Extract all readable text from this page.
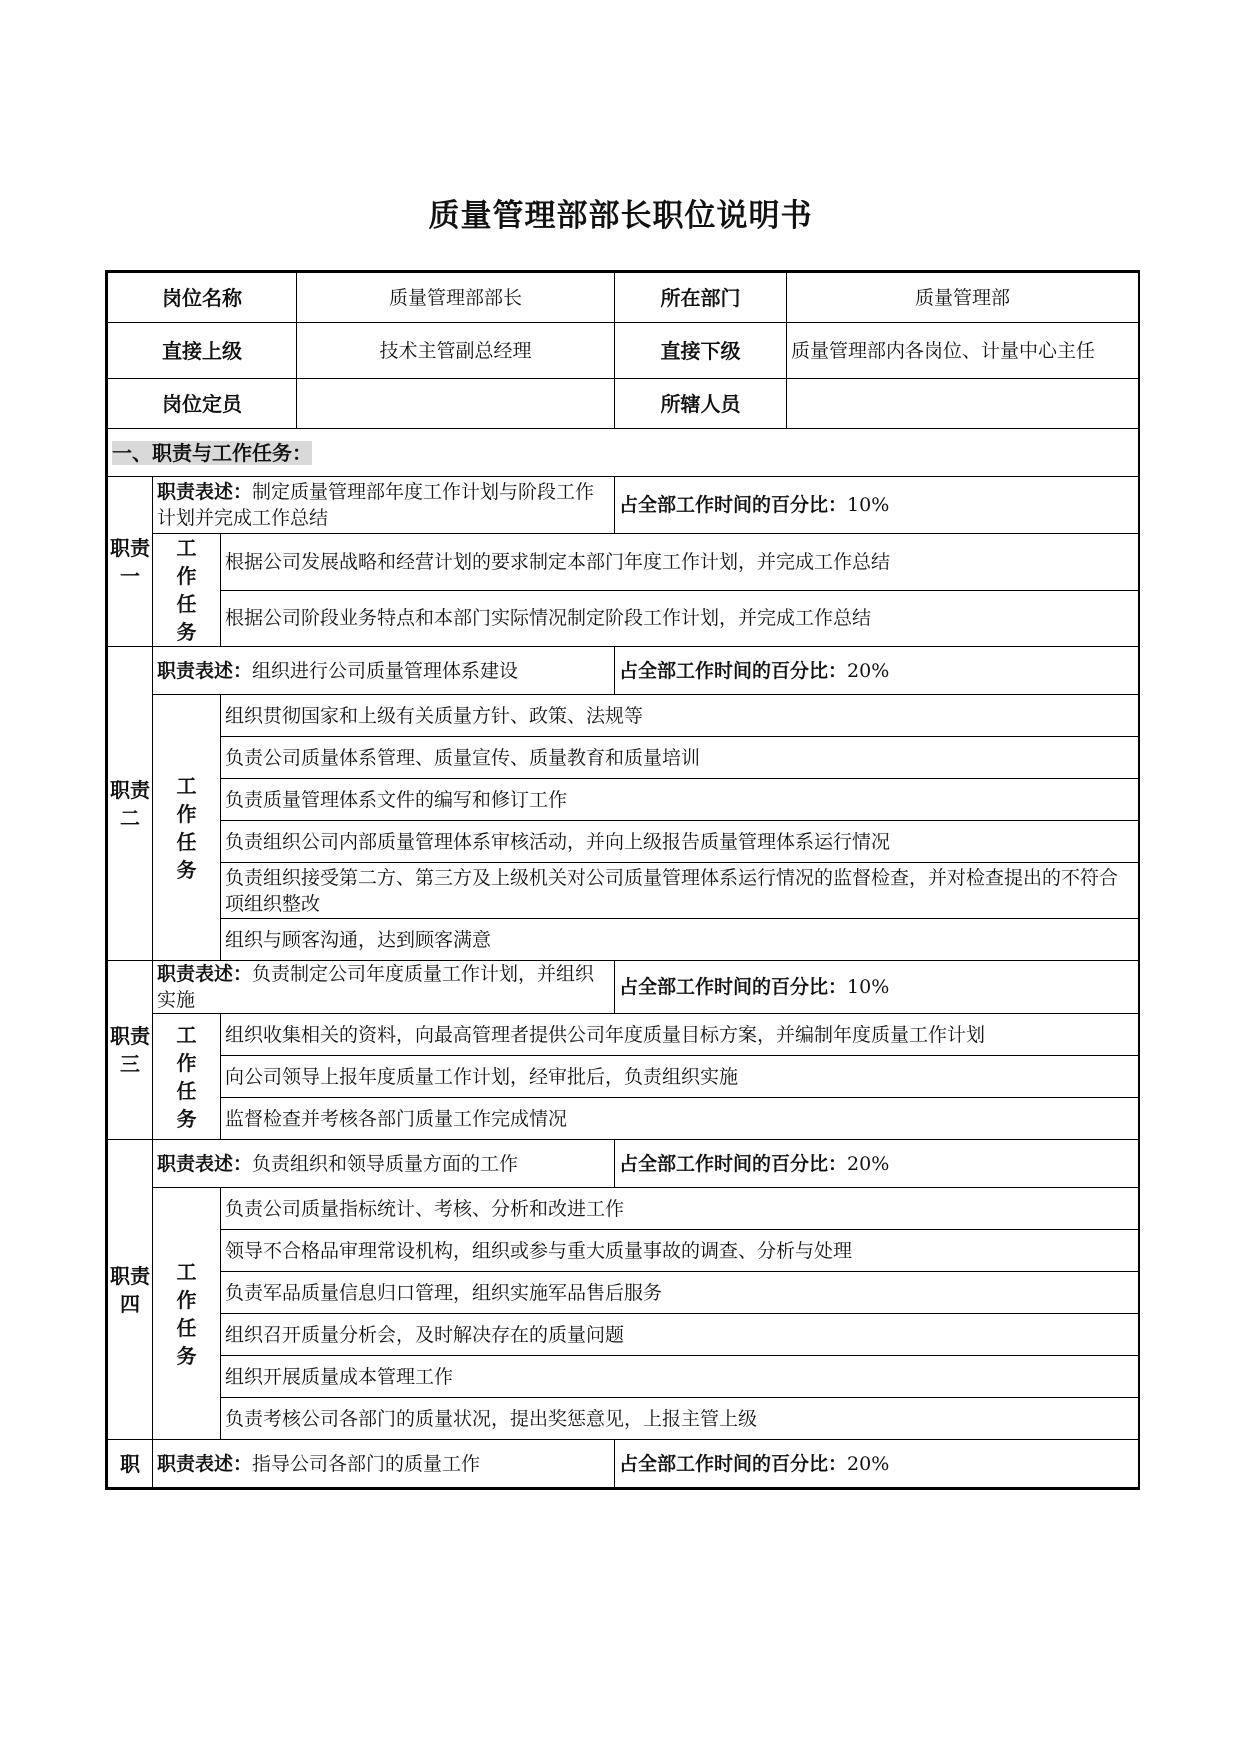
质量管理部部长职位说明书
岗位名称			质量管理部部长	所在部门	质量管理部
直接上级			技术主管副总经理	直接下级	质量管理部内各岗位、计量中心主任
岗位定员				所辖人员	
一、职责与工作任务：					
职责一	职责表述：制定质量管理部年度工作计划与阶段工作计划并完成工作总结			占全部工作时间的百分比：10%	
	工作任务	根据公司发展战略和经营计划的要求制定本部门年度工作计划，并完成工作总结			
		根据公司阶段业务特点和本部门实际情况制定阶段工作计划，并完成工作总结			
职责二	职责表述：组织进行公司质量管理体系建设			占全部工作时间的百分比：20%	
	工作任务	组织贯彻国家和上级有关质量方针、政策、法规等			
		负责公司质量体系管理、质量宣传、质量教育和质量培训			
		负责质量管理体系文件的编写和修订工作			
		负责组织公司内部质量管理体系审核活动，并向上级报告质量管理体系运行情况			
		负责组织接受第二方、第三方及上级机关对公司质量管理体系运行情况的监督检查，并对检查提出的不符合项组织整改			
		组织与顾客沟通，达到顾客满意			
职责三	职责表述：负责制定公司年度质量工作计划，并组织实施			占全部工作时间的百分比：10%	
	工作任务	组织收集相关的资料，向最高管理者提供公司年度质量目标方案，并编制年度质量工作计划			
		向公司领导上报年度质量工作计划，经审批后，负责组织实施			
		监督检查并考核各部门质量工作完成情况			
职责四	职责表述：负责组织和领导质量方面的工作			占全部工作时间的百分比：20%	
	工作任务	负责公司质量指标统计、考核、分析和改进工作			
		领导不合格品审理常设机构，组织或参与重大质量事故的调查、分析与处理			
		负责军品质量信息归口管理，组织实施军品售后服务			
		组织召开质量分析会，及时解决存在的质量问题			
		组织开展质量成本管理工作			
		负责考核公司各部门的质量状况，提出奖惩意见，上报主管上级			
职	职责表述：指导公司各部门的质量工作			占全部工作时间的百分比：20%	
